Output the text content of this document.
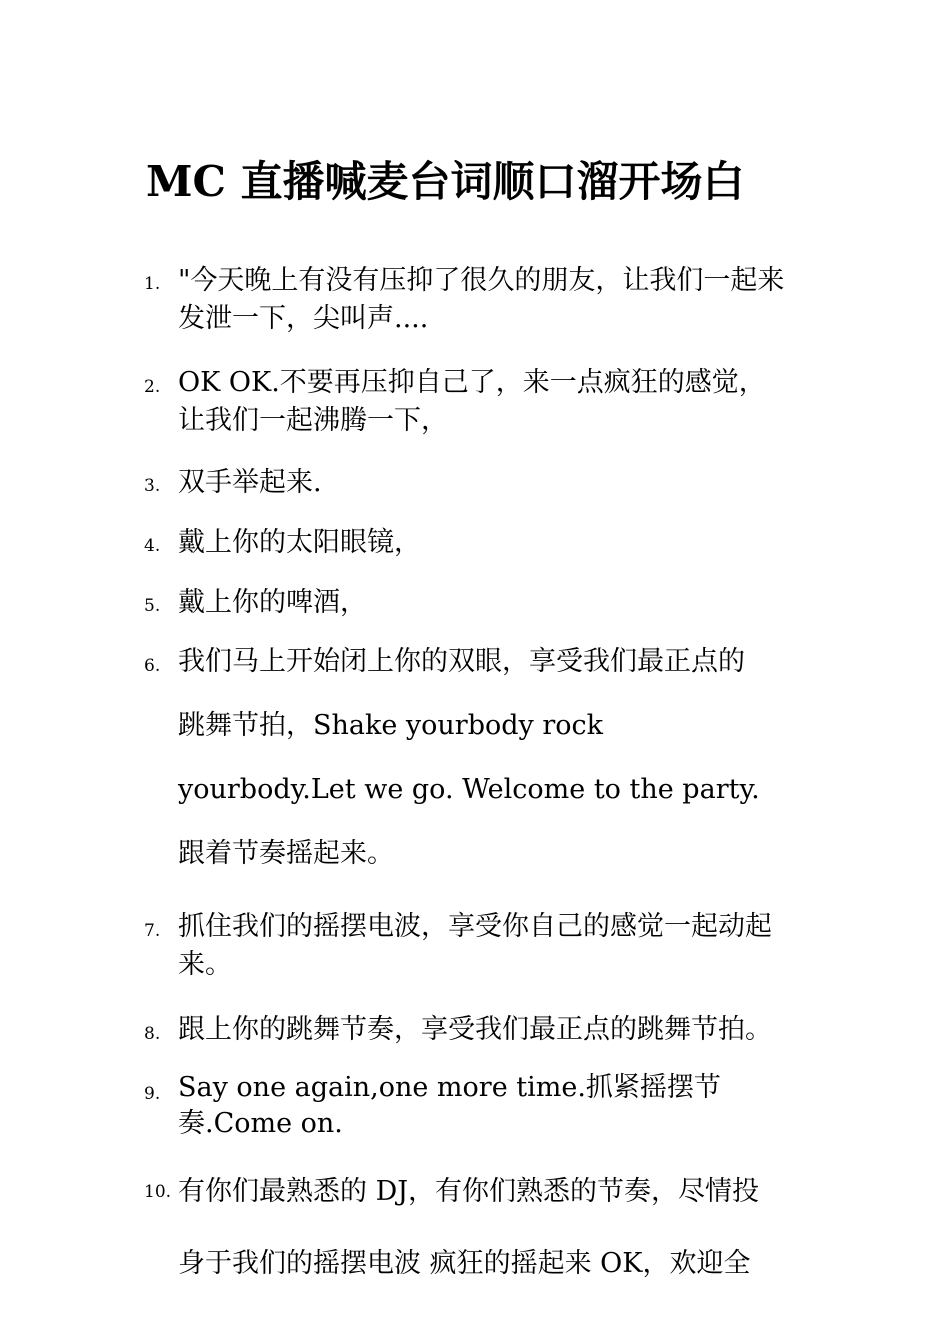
MC 直播喊麦台词顺口溜开场白
1. "今天晚上有没有压抑了很久的朋友，让我们一起来
发泄一下，尖叫声....
2. OK OK.不要再压抑自己了，来一点疯狂的感觉，
让我们一起沸腾一下，
3. 双手举起来.
4. 戴上你的太阳眼镜，
5. 戴上你的啤酒，
6. 我们马上开始闭上你的双眼，享受我们最正点的
跳舞节拍，Shake yourbody rock
yourbody.Let we go. Welcome to the party.
跟着节奏摇起来。
7. 抓住我们的摇摆电波，享受你自己的感觉一起动起
来。
8. 跟上你的跳舞节奏，享受我们最正点的跳舞节拍。
9. Say one again,one more time.抓紧摇摆节
奏.Come on.
10. 有你们最熟悉的 DJ，有你们熟悉的节奏，尽情投
身于我们的摇摆电波 疯狂的摇起来 OK，欢迎全
